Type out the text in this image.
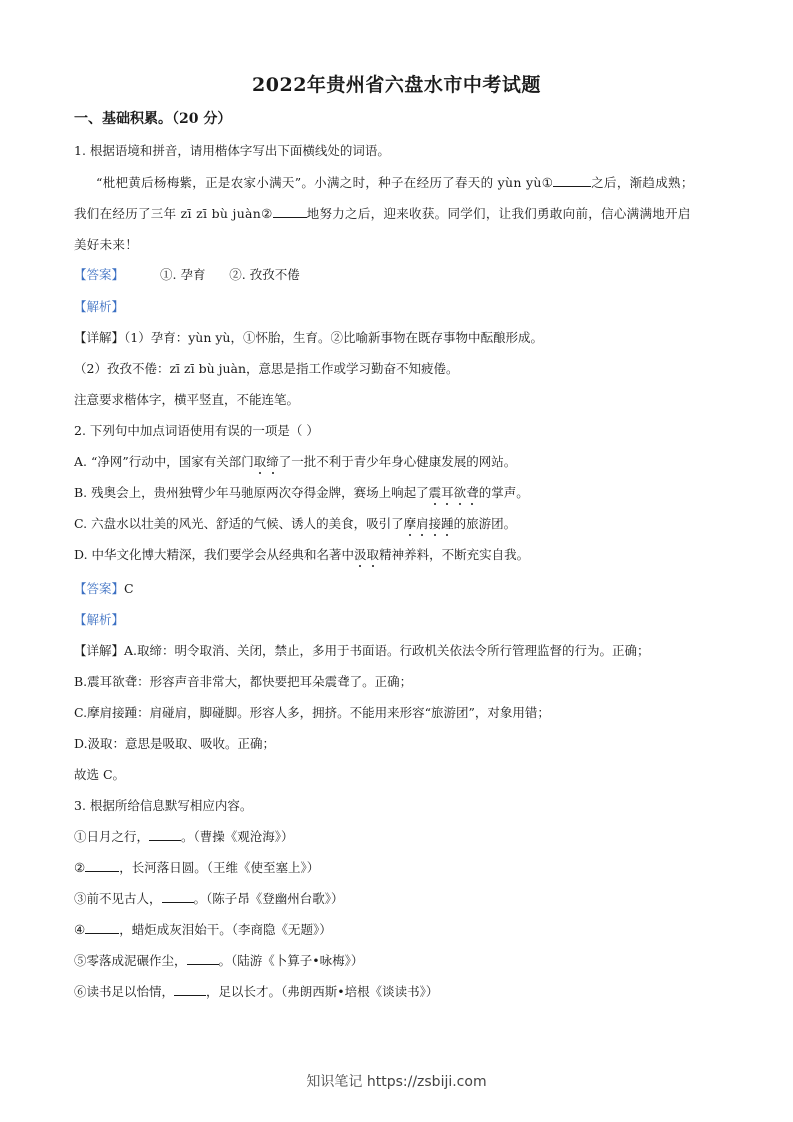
2022年贵州省六盘水市中考试题
一、基础积累。（20 分）
1. 根据语境和拼音，请用楷体字写出下面横线处的词语。
“枇杷黄后杨梅紫，正是农家小满天”。小满之时，种子在经历了春天的 yùn yù①	之后，渐趋成熟；
我们在经历了三年 zī zī bù juàn②	地努力之后，迎来收获。同学们，让我们勇敢向前，信心满满地开启
美好未来！
【答案】	①. 孕育      ②. 孜孜不倦
【解析】
【详解】（1）孕育：yùn yù，①怀胎，生育。②比喻新事物在既存事物中酝酿形成。
（2）孜孜不倦：zī zī bù juàn，意思是指工作或学习勤奋不知疲倦。
注意要求楷体字，横平竖直，不能连笔。
2. 下列句中加点词语使用有误的一项是（ ）
A. “净网”行动中，国家有关部门取缔了一批不利于青少年身心健康发展的网站。
B. 残奥会上，贵州独臂少年马驰原两次夺得金牌，赛场上响起了震耳欲聋的掌声。
C. 六盘水以壮美的风光、舒适的气候、诱人的美食，吸引了摩肩接踵的旅游团。
D. 中华文化博大精深，我们要学会从经典和名著中汲取精神养料，不断充实自我。
【答案】C
【解析】
【详解】A.取缔：明令取消、关闭，禁止，多用于书面语。行政机关依法令所行管理监督的行为。正确；
B.震耳欲聋：形容声音非常大，都快要把耳朵震聋了。正确；
C.摩肩接踵：肩碰肩，脚碰脚。形容人多，拥挤。不能用来形容“旅游团”，对象用错；
D.汲取：意思是吸取、吸收。正确；
故选 C。
3. 根据所给信息默写相应内容。
①日月之行，	。（曹操《观沧海》）
②	，长河落日圆。（王维《使至塞上》）
③前不见古人，	。（陈子昂《登幽州台歌》）
④	，蜡炬成灰泪始干。（李商隐《无题》）
⑤零落成泥碾作尘，	。（陆游《卜算子•咏梅》）
⑥读书足以怡情，	，足以长才。（弗朗西斯•培根《谈读书》）
知识笔记 https://zsbiji.com
